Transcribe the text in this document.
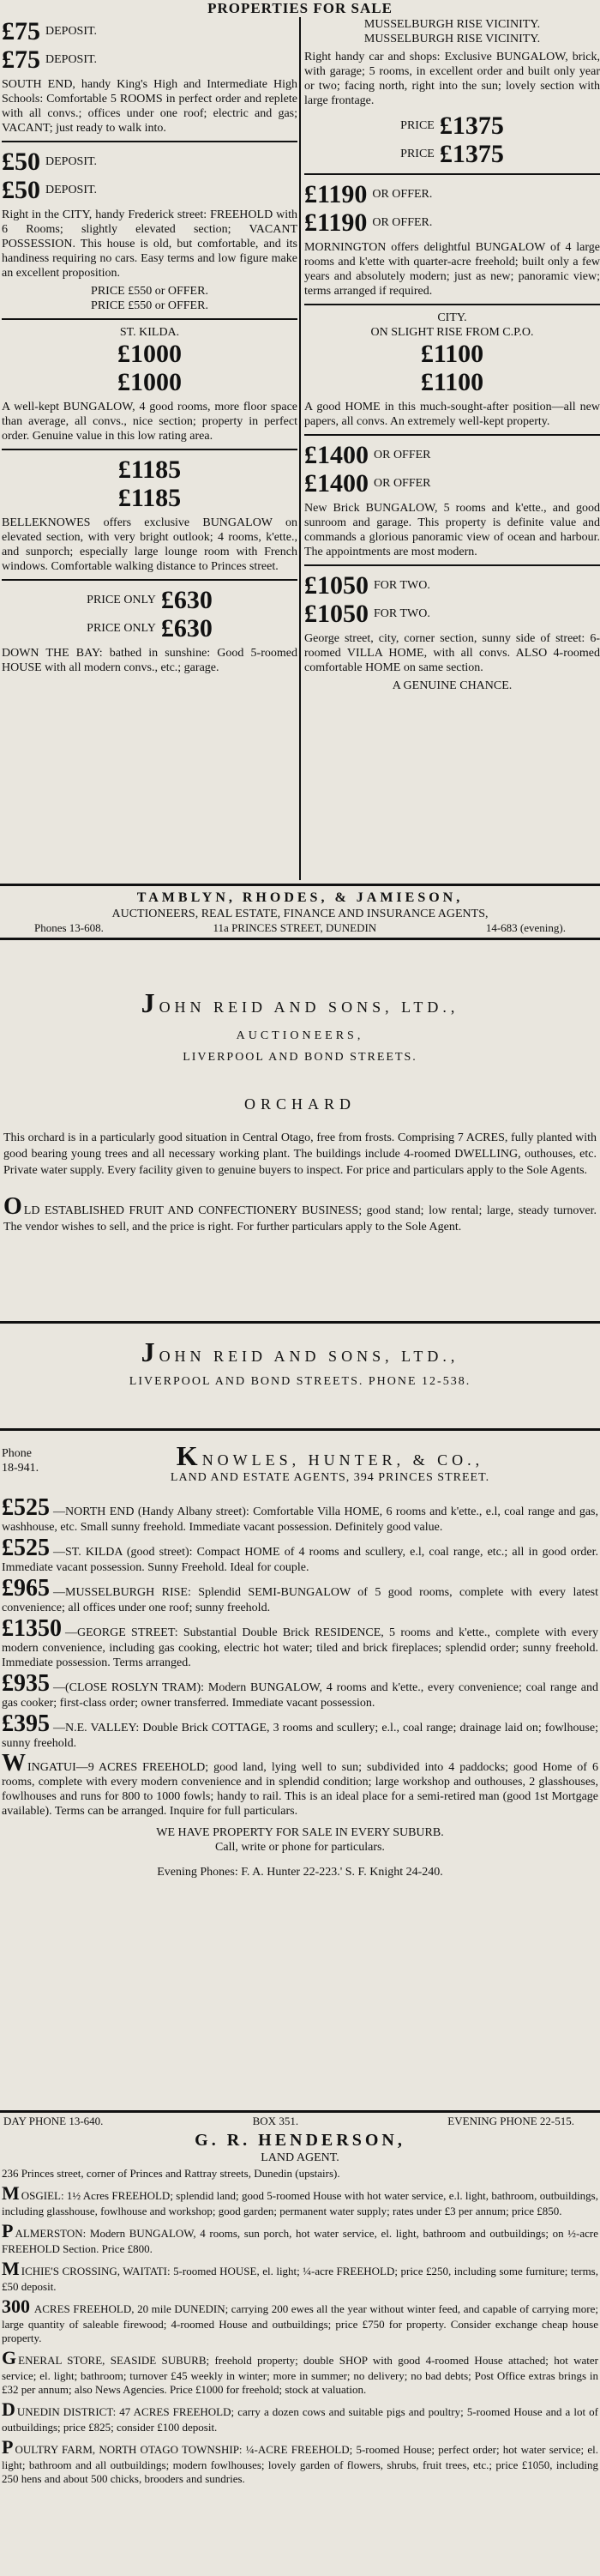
PROPERTIES FOR SALE
£75 DEPOSIT.
£75 DEPOSIT.
SOUTH END, handy King's High and Intermediate High Schools: Comfortable 5 ROOMS in perfect order and replete with all convs.; offices under one roof; electric and gas; VACANT; just ready to walk into.
£50 DEPOSIT.
£50 DEPOSIT.
Right in the CITY, handy Frederick street: FREEHOLD with 6 Rooms; slightly elevated section; VACANT POSSESSION. This house is old, but comfortable, and its handiness requiring no cars. Easy terms and low figure make an excellent proposition.
PRICE £550 or OFFER.
PRICE £550 or OFFER.
ST. KILDA.
£1000
£1000
A well-kept BUNGALOW, 4 good rooms, more floor space than average, all convs., nice section; property in perfect order. Genuine value in this low rating area.
£1185
£1185
BELLEKNOWES offers exclusive BUNGALOW on elevated section, with very bright outlook; 4 rooms, k'ette., and sunporch; especially large lounge room with French windows. Comfortable walking distance to Princes street.
PRICE ONLY £630
PRICE ONLY £630
DOWN THE BAY: bathed in sunshine: Good 5-roomed HOUSE with all modern convs., etc.; garage.
MUSSELBURGH RISE VICINITY.
MUSSELBURGH RISE VICINITY.
Right handy car and shops: Exclusive BUNGALOW, brick, with garage; 5 rooms, in excellent order and built only year or two; facing north, right into the sun; lovely section with large frontage.
PRICE £1375
PRICE £1375
£1190 OR OFFER.
£1190 OR OFFER.
MORNINGTON offers delightful BUNGALOW of 4 large rooms and k'ette with quarter-acre freehold; built only a few years and absolutely modern; just as new; panoramic view; terms arranged if required.
CITY.
ON SLIGHT RISE FROM C.P.O.
£1100
£1100
A good HOME in this much-sought-after position—all new papers, all convs. An extremely well-kept property.
£1400 OR OFFER
£1400 OR OFFER
New Brick BUNGALOW, 5 rooms and k'ette., and good sunroom and garage. This property is definite value and commands a glorious panoramic view of ocean and harbour. The appointments are most modern.
£1050 FOR TWO.
£1050 FOR TWO.
George street, city, corner section, sunny side of street: 6-roomed VILLA HOME, with all convs. ALSO 4-roomed comfortable HOME on same section.
A GENUINE CHANCE.
TAMBLYN, RHODES, & JAMIESON,
AUCTIONEERS, REAL ESTATE, FINANCE AND INSURANCE AGENTS,
Phones 13-608.	11a PRINCES STREET, DUNEDIN	14-683 (evening).
JOHN REID AND SONS, LTD.,
AUCTIONEERS,
LIVERPOOL AND BOND STREETS.
ORCHARD
This orchard is in a particularly good situation in Central Otago, free from frosts. Comprising 7 ACRES, fully planted with good bearing young trees and all necessary working plant. The buildings include 4-roomed DWELLING, outhouses, etc. Private water supply. Every facility given to genuine buyers to inspect. For price and particulars apply to the Sole Agents.
OLD ESTABLISHED FRUIT AND CONFECTIONERY BUSINESS; good stand; low rental; large, steady turnover. The vendor wishes to sell, and the price is right. For further particulars apply to the Sole Agent.
JOHN REID AND SONS, LTD.,
LIVERPOOL AND BOND STREETS. PHONE 12-538.
Phone
18-941.	KNOWLES, HUNTER, & CO.,
LAND AND ESTATE AGENTS, 394 PRINCES STREET.
£525 —NORTH END (Handy Albany street): Comfortable Villa HOME, 6 rooms and k'ette., e.l, coal range and gas, washhouse, etc. Small sunny freehold. Immediate vacant possession. Definitely good value.
£525 —ST. KILDA (good street): Compact HOME of 4 rooms and scullery, e.l, coal range, etc.; all in good order. Immediate vacant possession. Sunny Freehold. Ideal for couple.
£965 —MUSSELBURGH RISE: Splendid SEMI-BUNGALOW of 5 good rooms, complete with every latest convenience; all offices under one roof; sunny freehold.
£1350 —GEORGE STREET: Substantial Double Brick RESIDENCE, 5 rooms and k'ette., complete with every modern convenience, including gas cooking, electric hot water; tiled and brick fireplaces; splendid order; sunny freehold. Immediate possession. Terms arranged.
£935 —(CLOSE ROSLYN TRAM): Modern BUNGALOW, 4 rooms and k'ette., every convenience; coal range and gas cooker; first-class order; owner transferred. Immediate vacant possession.
£395 —N.E. VALLEY: Double Brick COTTAGE, 3 rooms and scullery; e.l., coal range; drainage laid on; fowlhouse; sunny freehold.
WINGATUI—9 ACRES FREEHOLD; good land, lying well to sun; subdivided into 4 paddocks; good Home of 6 rooms, complete with every modern convenience and in splendid condition; large workshop and outhouses, 2 glasshouses, fowlhouses and runs for 800 to 1000 fowls; handy to rail. This is an ideal place for a semi-retired man (good 1st Mortgage available). Terms can be arranged. Inquire for full particulars.
WE HAVE PROPERTY FOR SALE IN EVERY SUBURB.
Call, write or phone for particulars.
Evening Phones: F. A. Hunter 22-223.' S. F. Knight 24-240.
DAY PHONE 13-640.	BOX 351.	EVENING PHONE 22-515.
G. R. HENDERSON,
LAND AGENT.
236 Princes street, corner of Princes and Rattray streets, Dunedin (upstairs).
MOSGIEL: 1½ Acres FREEHOLD; splendid land; good 5-roomed House with hot water service, e.l. light, bathroom, outbuildings, including glasshouse, fowlhouse and workshop; good garden; permanent water supply; rates under £3 per annum; price £850.
PALMERSTON: Modern BUNGALOW, 4 rooms, sun porch, hot water service, el. light, bathroom and outbuildings; on ½-acre FREEHOLD Section. Price £800.
MICHIE'S CROSSING, WAITATI: 5-roomed HOUSE, el. light; ¼-acre FREEHOLD; price £250, including some furniture; terms, £50 deposit.
300 ACRES FREEHOLD, 20 mile DUNEDIN; carrying 200 ewes all the year without winter feed, and capable of carrying more; large quantity of saleable firewood; 4-roomed House and outbuildings; price £750 for property. Consider exchange cheap house property.
GENERAL STORE, SEASIDE SUBURB; freehold property; double SHOP with good 4-roomed House attached; hot water service; el. light; bathroom; turnover £45 weekly in winter; more in summer; no delivery; no bad debts; Post Office extras brings in £32 per annum; also News Agencies. Price £1000 for freehold; stock at valuation.
DUNEDIN DISTRICT: 47 ACRES FREEHOLD; carry a dozen cows and suitable pigs and poultry; 5-roomed House and a lot of outbuildings; price £825; consider £100 deposit.
POULTRY FARM, NORTH OTAGO TOWNSHIP: ¼-ACRE FREEHOLD; 5-roomed House; perfect order; hot water service; el. light; bathroom and all outbuildings; modern fowlhouses; lovely garden of flowers, shrubs, fruit trees, etc.; price £1050, including 250 hens and about 500 chicks, brooders and sundries.
